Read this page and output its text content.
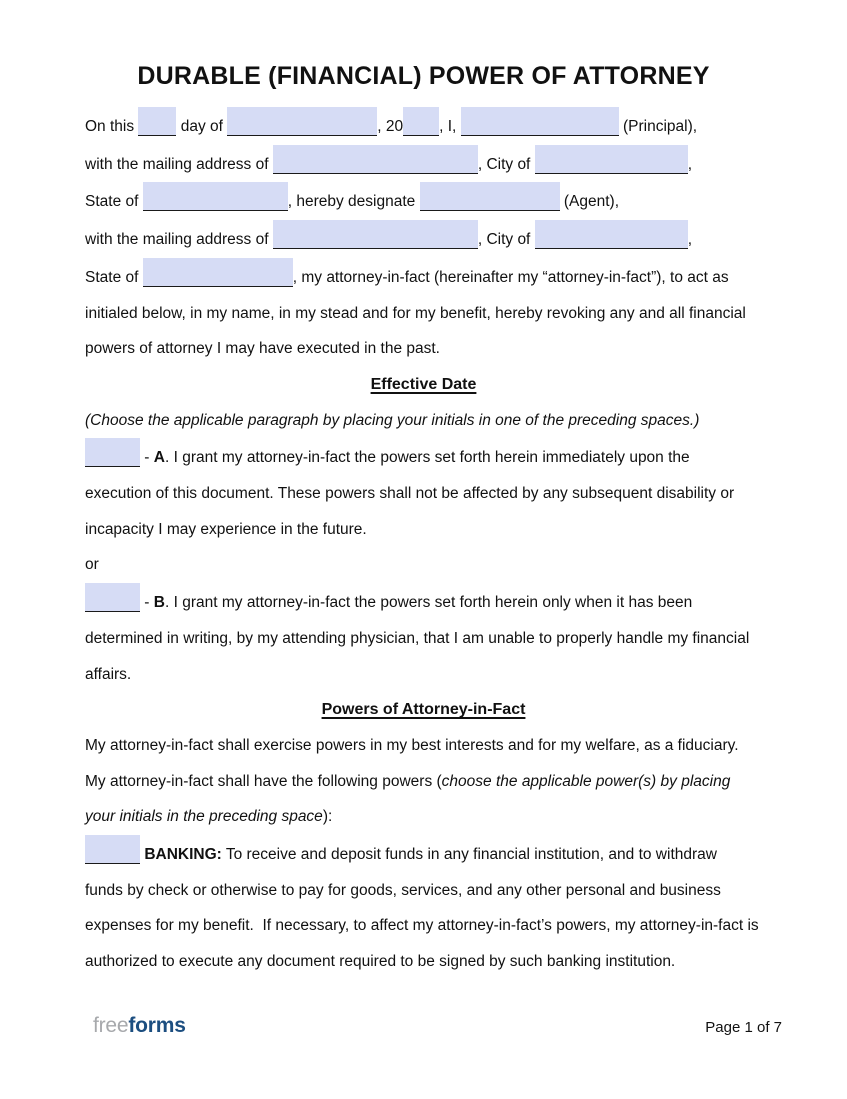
DURABLE (FINANCIAL) POWER OF ATTORNEY
On this  day of	, 20 , I,	(Principal),
with the mailing address of	, City of	,
State of	, hereby designate	(Agent),
with the mailing address of	, City of	,
State of	, my attorney-in-fact (hereinafter my “attorney-in-fact”), to act as
initialed below, in my name, in my stead and for my benefit, hereby revoking any and all financial
powers of attorney I may have executed in the past.
Effective Date
(Choose the applicable paragraph by placing your initials in one of the preceding spaces.)
- A. I grant my attorney-in-fact the powers set forth herein immediately upon the
execution of this document. These powers shall not be affected by any subsequent disability or
incapacity I may experience in the future.
or
- B. I grant my attorney-in-fact the powers set forth herein only when it has been
determined in writing, by my attending physician, that I am unable to properly handle my financial
affairs.
Powers of Attorney-in-Fact
My attorney-in-fact shall exercise powers in my best interests and for my welfare, as a fiduciary.
My attorney-in-fact shall have the following powers (choose the applicable power(s) by placing
your initials in the preceding space):
BANKING: To receive and deposit funds in any financial institution, and to withdraw
funds by check or otherwise to pay for goods, services, and any other personal and business
expenses for my benefit.  If necessary, to affect my attorney-in-fact’s powers, my attorney-in-fact is
authorized to execute any document required to be signed by such banking institution.
freeforms	Page 1 of 7
